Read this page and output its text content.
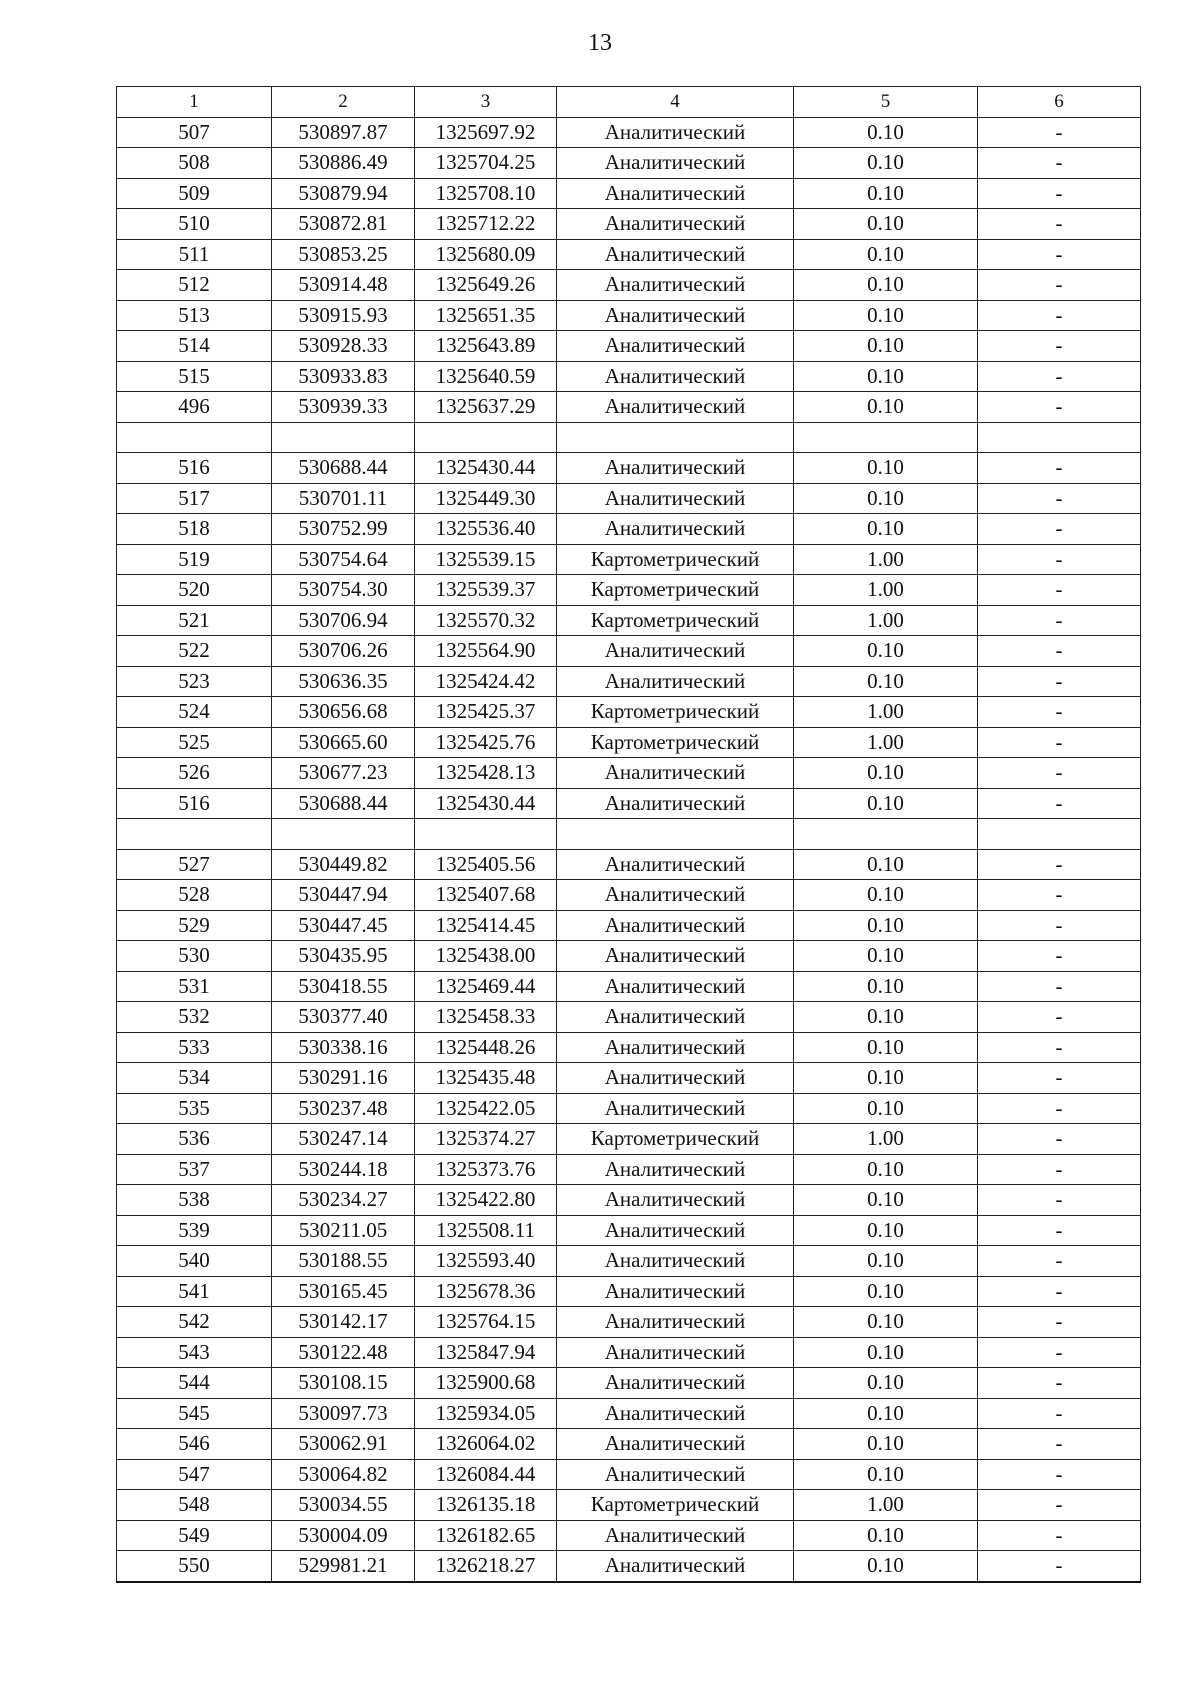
13
1	2	3	4	5	6
507	530897.87	1325697.92	Аналитический	0.10	-
508	530886.49	1325704.25	Аналитический	0.10	-
509	530879.94	1325708.10	Аналитический	0.10	-
510	530872.81	1325712.22	Аналитический	0.10	-
511	530853.25	1325680.09	Аналитический	0.10	-
512	530914.48	1325649.26	Аналитический	0.10	-
513	530915.93	1325651.35	Аналитический	0.10	-
514	530928.33	1325643.89	Аналитический	0.10	-
515	530933.83	1325640.59	Аналитический	0.10	-
496	530939.33	1325637.29	Аналитический	0.10	-

516	530688.44	1325430.44	Аналитический	0.10	-
517	530701.11	1325449.30	Аналитический	0.10	-
518	530752.99	1325536.40	Аналитический	0.10	-
519	530754.64	1325539.15	Картометрический	1.00	-
520	530754.30	1325539.37	Картометрический	1.00	-
521	530706.94	1325570.32	Картометрический	1.00	-
522	530706.26	1325564.90	Аналитический	0.10	-
523	530636.35	1325424.42	Аналитический	0.10	-
524	530656.68	1325425.37	Картометрический	1.00	-
525	530665.60	1325425.76	Картометрический	1.00	-
526	530677.23	1325428.13	Аналитический	0.10	-
516	530688.44	1325430.44	Аналитический	0.10	-

527	530449.82	1325405.56	Аналитический	0.10	-
528	530447.94	1325407.68	Аналитический	0.10	-
529	530447.45	1325414.45	Аналитический	0.10	-
530	530435.95	1325438.00	Аналитический	0.10	-
531	530418.55	1325469.44	Аналитический	0.10	-
532	530377.40	1325458.33	Аналитический	0.10	-
533	530338.16	1325448.26	Аналитический	0.10	-
534	530291.16	1325435.48	Аналитический	0.10	-
535	530237.48	1325422.05	Аналитический	0.10	-
536	530247.14	1325374.27	Картометрический	1.00	-
537	530244.18	1325373.76	Аналитический	0.10	-
538	530234.27	1325422.80	Аналитический	0.10	-
539	530211.05	1325508.11	Аналитический	0.10	-
540	530188.55	1325593.40	Аналитический	0.10	-
541	530165.45	1325678.36	Аналитический	0.10	-
542	530142.17	1325764.15	Аналитический	0.10	-
543	530122.48	1325847.94	Аналитический	0.10	-
544	530108.15	1325900.68	Аналитический	0.10	-
545	530097.73	1325934.05	Аналитический	0.10	-
546	530062.91	1326064.02	Аналитический	0.10	-
547	530064.82	1326084.44	Аналитический	0.10	-
548	530034.55	1326135.18	Картометрический	1.00	-
549	530004.09	1326182.65	Аналитический	0.10	-
550	529981.21	1326218.27	Аналитический	0.10	-
